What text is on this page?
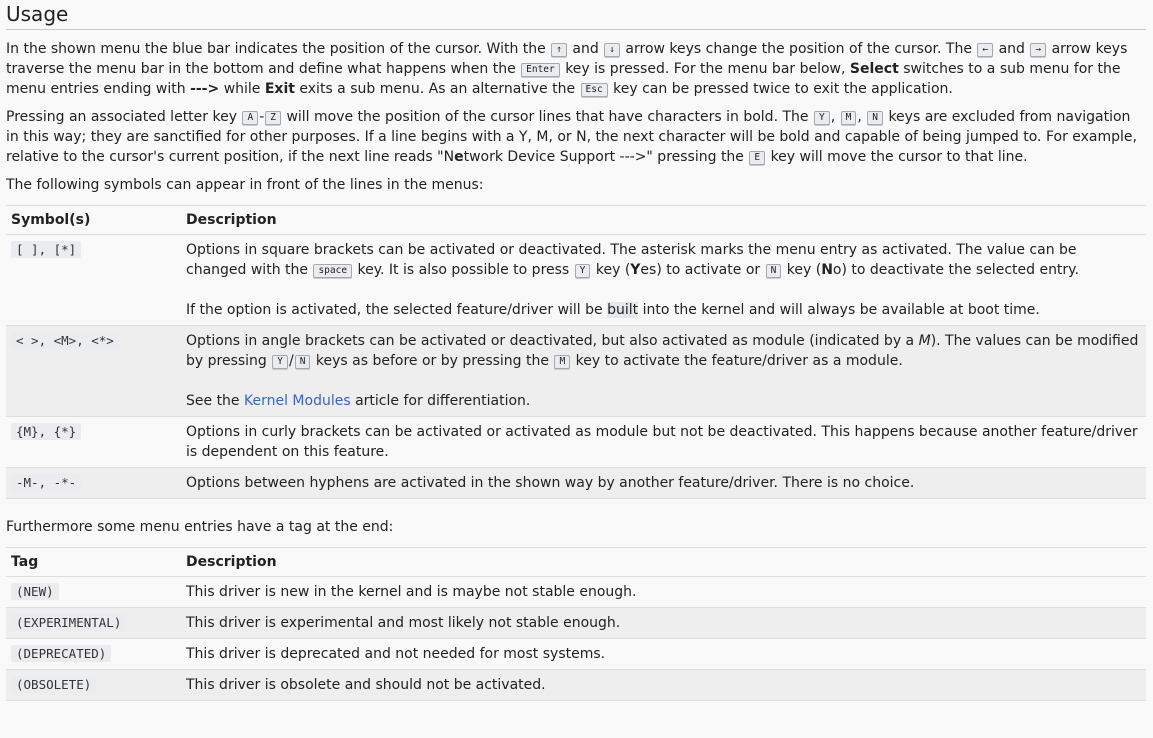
Usage

In the shown menu the blue bar indicates the position of the cursor. With the ↑ and ↓ arrow keys change the position of the cursor. The ← and → arrow keys traverse the menu bar in the bottom and define what happens when the Enter key is pressed. For the menu bar below, Select switches to a sub menu for the menu entries ending with ---> while Exit exits a sub menu. As an alternative the Esc key can be pressed twice to exit the application.

Pressing an associated letter key A - Z will move the position of the cursor lines that have characters in bold. The Y , M , N keys are excluded from navigation in this way; they are sanctified for other purposes. If a line begins with a Y, M, or N, the next character will be bold and capable of being jumped to. For example, relative to the cursor's current position, if the next line reads "Network Device Support --->" pressing the E key will move the cursor to that line.

The following symbols can appear in front of the lines in the menus:

Symbol(s)	Description
[ ], [*]	Options in square brackets can be activated or deactivated. The asterisk marks the menu entry as activated. The value can be changed with the space key. It is also possible to press Y key (Yes) to activate or N key (No) to deactivate the selected entry.
If the option is activated, the selected feature/driver will be built into the kernel and will always be available at boot time.
< >, <M>, <*>	Options in angle brackets can be activated or deactivated, but also activated as module (indicated by a M). The values can be modified by pressing Y / N keys as before or by pressing the M key to activate the feature/driver as a module.
See the Kernel Modules article for differentiation.
{M}, {*}	Options in curly brackets can be activated or activated as module but not be deactivated. This happens because another feature/driver is dependent on this feature.
-M-, -*-	Options between hyphens are activated in the shown way by another feature/driver. There is no choice.

Furthermore some menu entries have a tag at the end:

Tag	Description
(NEW)	This driver is new in the kernel and is maybe not stable enough.
(EXPERIMENTAL)	This driver is experimental and most likely not stable enough.
(DEPRECATED)	This driver is deprecated and not needed for most systems.
(OBSOLETE)	This driver is obsolete and should not be activated.
